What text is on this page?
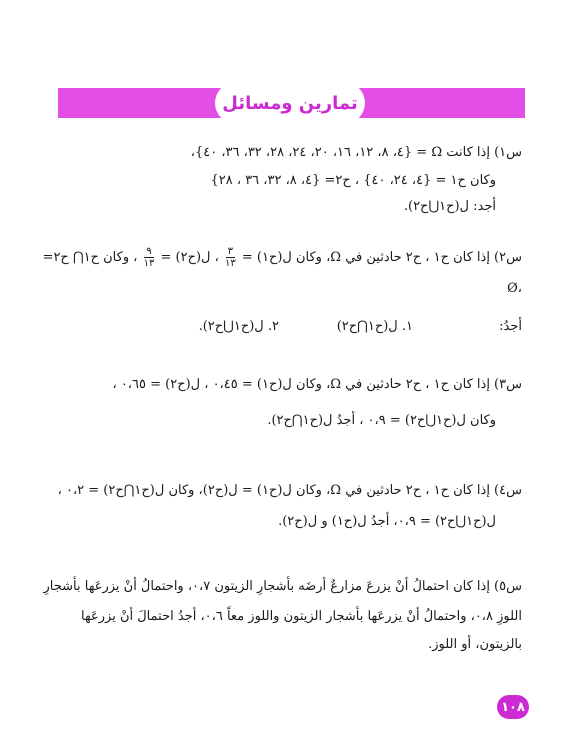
تمارين ومسائل
س١) إذا كانت Ω = {٤، ٨، ١٢، ١٦، ٢٠، ٢٤، ٢٨، ٣٢، ٣٦، ٤٠}،
وكان ح١ = {٤، ٢٤، ٤٠} ، ح٢= {٤، ٨، ٣٢، ٣٦ ، ٢٨}
أجد: ل(ح١⋃ح٢).
س٢) إذا كان ح١ ، ح٢ حادثين في Ω، وكان ل(ح١) =
$\frac{٣}{١٣}$
، ل(ح٢) =
$\frac{٩}{١٣}$
، وكان ح١⋂ ح٢=
Ø،
أجدُ:
١. ل(ح١⋂ح٢)
٢. ل(ح١⋃ح٢).
س٣) إذا كان ح١ ، ح٢ حادثين في Ω، وكان ل(ح١) = ٠،٤٥ ، ل(ح٢) = ٠،٦٥ ،
وكان ل(ح١⋃ح٢) = ٠،٩ ، أجدُ ل(ح١⋂ح٢).
س٤) إذا كان ح١ ، ح٢ حادثين في Ω، وكان ل(ح١) = ل(ح٢)، وكان ل(ح١⋂ح٢) = ٠،٢ ،
ل(ح١⋃ح٢) = ٠،٩، أجدُ ل(ح١) و ل(ح٢).
س٥) إذا كان احتمالُ أنْ يزرعَ مزارعٌ أرضَه بأشجارِ الزيتون ٠،٧، واحتمالُ أنْ يزرعَها بأشجارِ
اللوزِ ٠،٨، واحتمالُ أنْ يزرعَها بأشجار الزيتون واللوز معاً ٠،٦، أجدُ احتمالَ أنْ يزرعَها
بالزيتون، أو اللوز.
١٠٨
